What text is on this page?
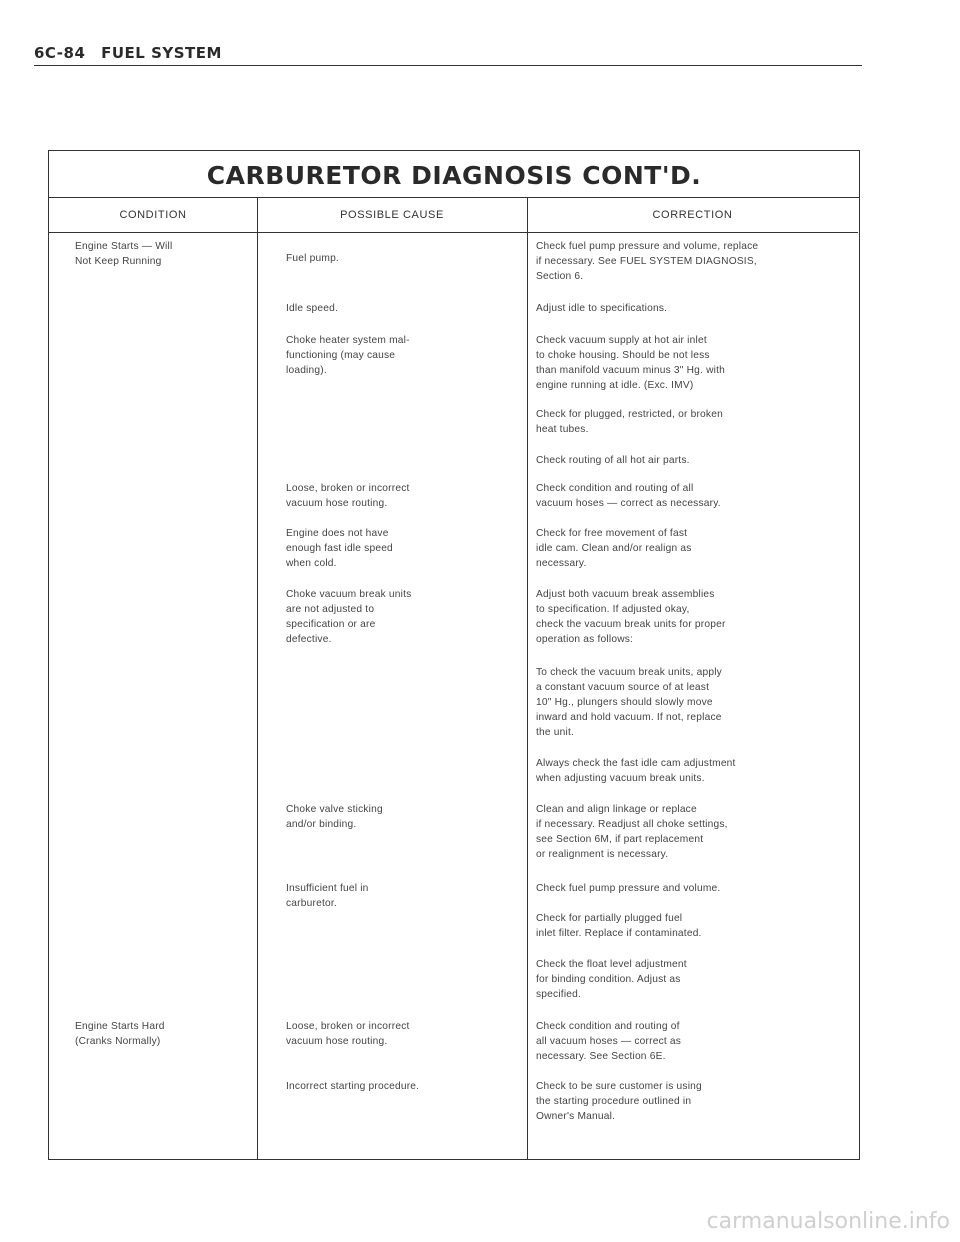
6C-84 FUEL SYSTEM
CARBURETOR DIAGNOSIS CONT'D.
CONDITION	POSSIBLE CAUSE	CORRECTION
Engine Starts — Will
Not Keep Running
Engine Starts Hard
(Cranks Normally)
Fuel pump.
Idle speed.
Choke heater system mal-
functioning (may cause
loading).
Loose, broken or incorrect
vacuum hose routing.
Engine does not have
enough fast idle speed
when cold.
Choke vacuum break units
are not adjusted to
specification or are
defective.
Choke valve sticking
and/or binding.
Insufficient fuel in
carburetor.
Loose, broken or incorrect
vacuum hose routing.
Incorrect starting procedure.
Check fuel pump pressure and volume, replace
if necessary. See FUEL SYSTEM DIAGNOSIS,
Section 6.
Adjust idle to specifications.
Check vacuum supply at hot air inlet
to choke housing. Should be not less
than manifold vacuum minus 3" Hg. with
engine running at idle. (Exc. IMV)
Check for plugged, restricted, or broken
heat tubes.
Check routing of all hot air parts.
Check condition and routing of all
vacuum hoses — correct as necessary.
Check for free movement of fast
idle cam. Clean and/or realign as
necessary.
Adjust both vacuum break assemblies
to specification. If adjusted okay,
check the vacuum break units for proper
operation as follows:
To check the vacuum break units, apply
a constant vacuum source of at least
10" Hg., plungers should slowly move
inward and hold vacuum. If not, replace
the unit.
Always check the fast idle cam adjustment
when adjusting vacuum break units.
Clean and align linkage or replace
if necessary. Readjust all choke settings,
see Section 6M, if part replacement
or realignment is necessary.
Check fuel pump pressure and volume.
Check for partially plugged fuel
inlet filter. Replace if contaminated.
Check the float level adjustment
for binding condition. Adjust as
specified.
Check condition and routing of
all vacuum hoses — correct as
necessary. See Section 6E.
Check to be sure customer is using
the starting procedure outlined in
Owner's Manual.
carmanualsonline.info
